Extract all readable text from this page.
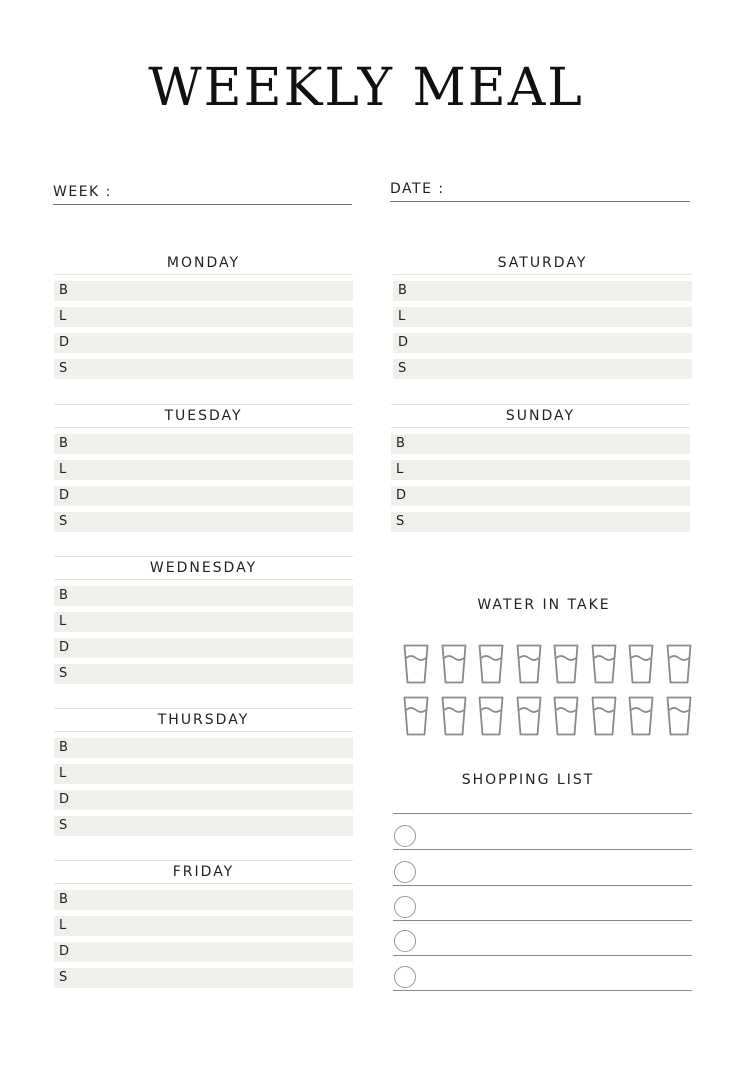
WEEKLY MEAL
WEEK :	DATE :
MONDAY
B
L
D
S
TUESDAY
B
L
D
S
WEDNESDAY
B
L
D
S
THURSDAY
B
L
D
S
FRIDAY
B
L
D
S
SATURDAY
B
L
D
S
SUNDAY
B
L
D
S
WATER IN TAKE
SHOPPING LIST
